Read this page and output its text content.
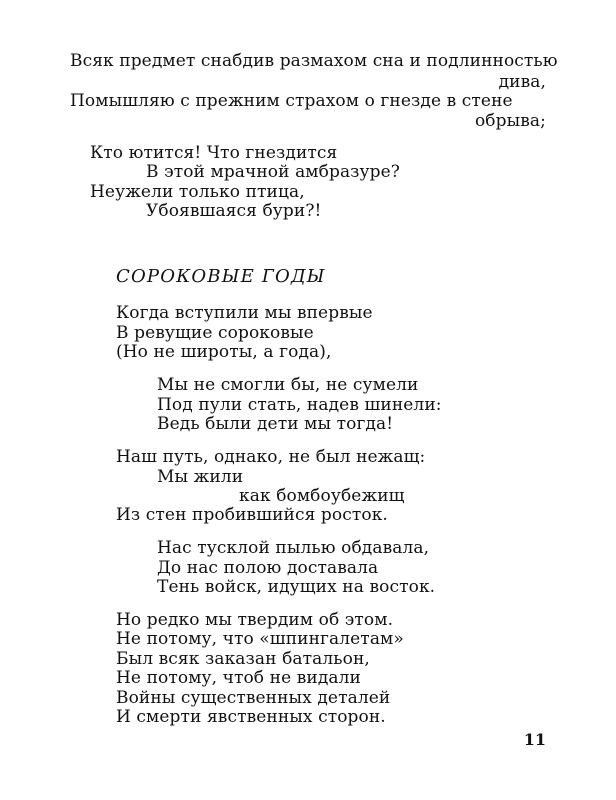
Всяк предмет снабдив размахом сна и подлинностью
дива,
Помышляю с прежним страхом о гнезде в стене
обрыва;
Кто ютится! Что гнездится
В этой мрачной амбразуре?
Неужели только птица,
Убоявшаяся бури?!
СОРОКОВЫЕ ГОДЫ
Когда вступили мы впервые
В ревущие сороковые
(Но не широты, а года),
Мы не смогли бы, не сумели
Под пули стать, надев шинели:
Ведь были дети мы тогда!
Наш путь, однако, не был нежащ:
Мы жили
как бомбоубежищ
Из стен пробившийся росток.
Нас тусклой пылью обдавала,
До нас полою доставала
Тень войск, идущих на восток.
Но редко мы твердим об этом.
Не потому, что «шпингалетам»
Был всяк заказан батальон,
Не потому, чтоб не видали
Войны существенных деталей
И смерти явственных сторон.
11
